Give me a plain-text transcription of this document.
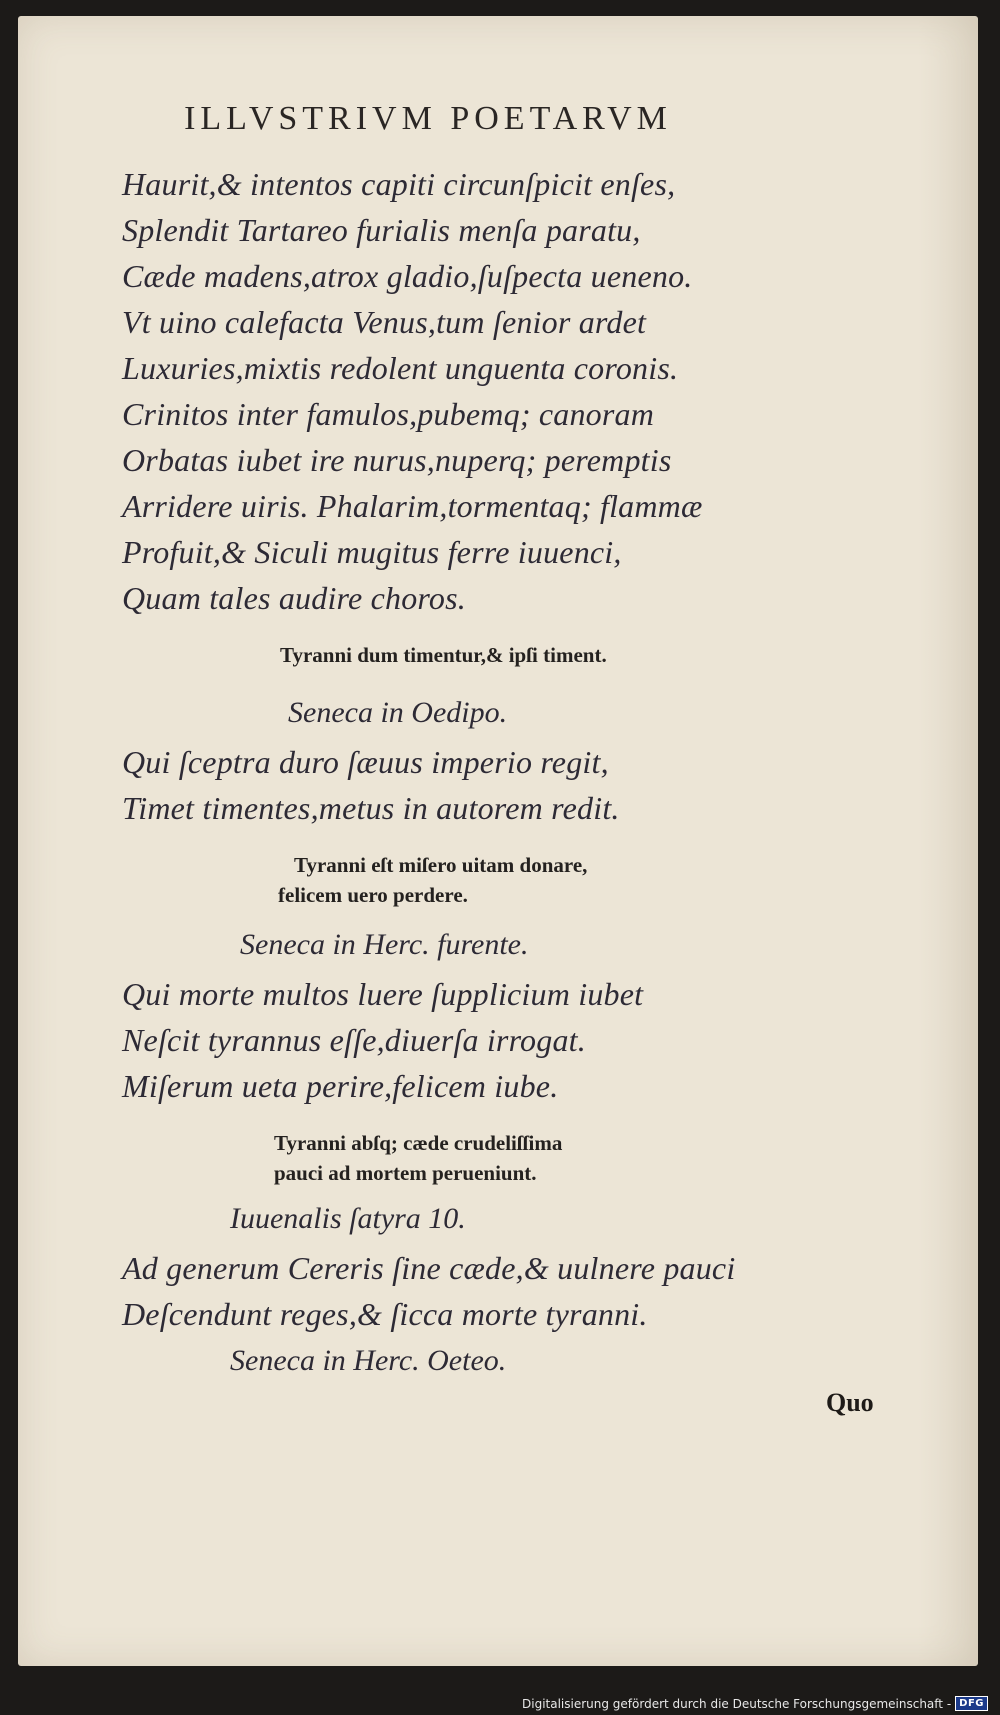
ILLVSTRIVM POETARVM
Haurit,& intentos capiti circunſpicit enſes,
Splendit Tartareo furialis menſa paratu,
Cæde madens,atrox gladio,ſuſpecta ueneno.
Vt uino calefacta Venus,tum ſenior ardet
Luxuries,mixtis redolent unguenta coronis.
Crinitos inter famulos,pubemq; canoram
Orbatas iubet ire nurus,nuperq; peremptis
Arridere uiris. Phalarim,tormentaq; flammæ
Profuit,& Siculi mugitus ferre iuuenci,
Quam tales audire choros.
Tyranni dum timentur,& ipſi timent.
Seneca in Oedipo.
Qui ſceptra duro ſæuus imperio regit,
Timet timentes,metus in autorem redit.
Tyranni eſt miſero uitam donare,
felicem uero perdere.
Seneca in Herc. furente.
Qui morte multos luere ſupplicium iubet
Neſcit tyrannus eſſe,diuerſa irrogat.
Miſerum ueta perire,felicem iube.
Tyranni abſq; cæde crudeliſſima
pauci ad mortem perueniunt.
Iuuenalis ſatyra 10.
Ad generum Cereris ſine cæde,& uulnere pauci
Deſcendunt reges,& ſicca morte tyranni.
Seneca in Herc. Oeteo.
Quo
Digitalisierung gefördert durch die Deutsche Forschungsgemeinschaft - DFG
